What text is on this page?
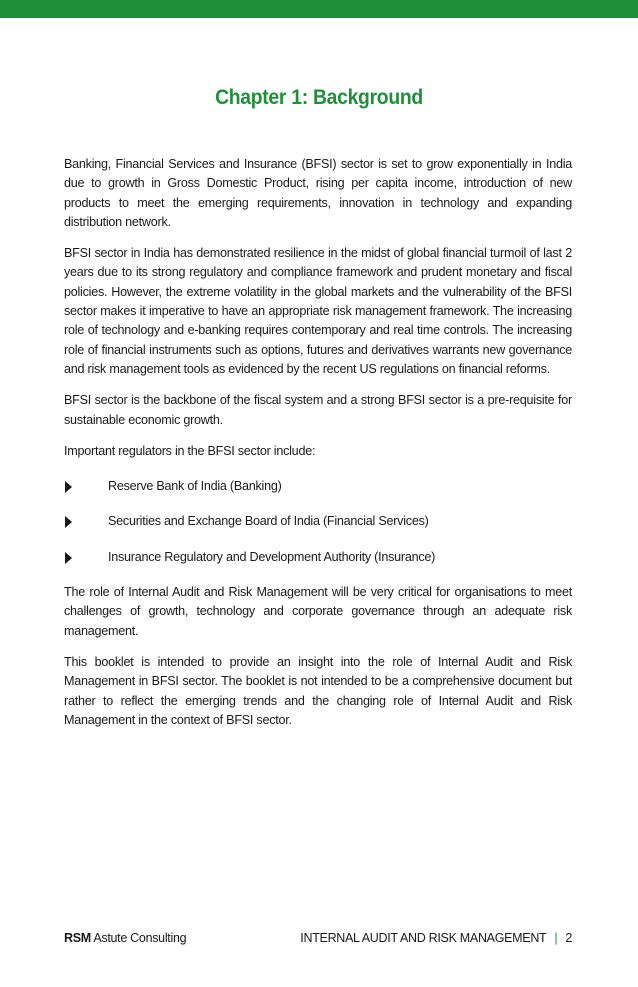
Chapter 1: Background

Banking, Financial Services and Insurance (BFSI) sector is set to grow exponentially in India due to growth in Gross Domestic Product, rising per capita income, introduction of new products to meet the emerging requirements, innovation in technology and expanding distribution network.

BFSI sector in India has demonstrated resilience in the midst of global financial turmoil of last 2 years due to its strong regulatory and compliance framework and prudent monetary and fiscal policies. However, the extreme volatility in the global markets and the vulnerability of the BFSI sector makes it imperative to have an appropriate risk management framework. The increasing role of technology and e-banking requires contemporary and real time controls. The increasing role of financial instruments such as options, futures and derivatives warrants new governance and risk management tools as evidenced by the recent US regulations on financial reforms.

BFSI sector is the backbone of the fiscal system and a strong BFSI sector is a pre-requisite for sustainable economic growth.

Important regulators in the BFSI sector include:

Reserve Bank of India (Banking)
Securities and Exchange Board of India (Financial Services)
Insurance Regulatory and Development Authority (Insurance)

The role of Internal Audit and Risk Management will be very critical for organisations to meet challenges of growth, technology and corporate governance through an adequate risk management.

This booklet is intended to provide an insight into the role of Internal Audit and Risk Management in BFSI sector. The booklet is not intended to be a comprehensive document but rather to reflect the emerging trends and the changing role of Internal Audit and Risk Management in the context of BFSI sector.

RSM Astute Consulting	INTERNAL AUDIT AND RISK MANAGEMENT | 2
